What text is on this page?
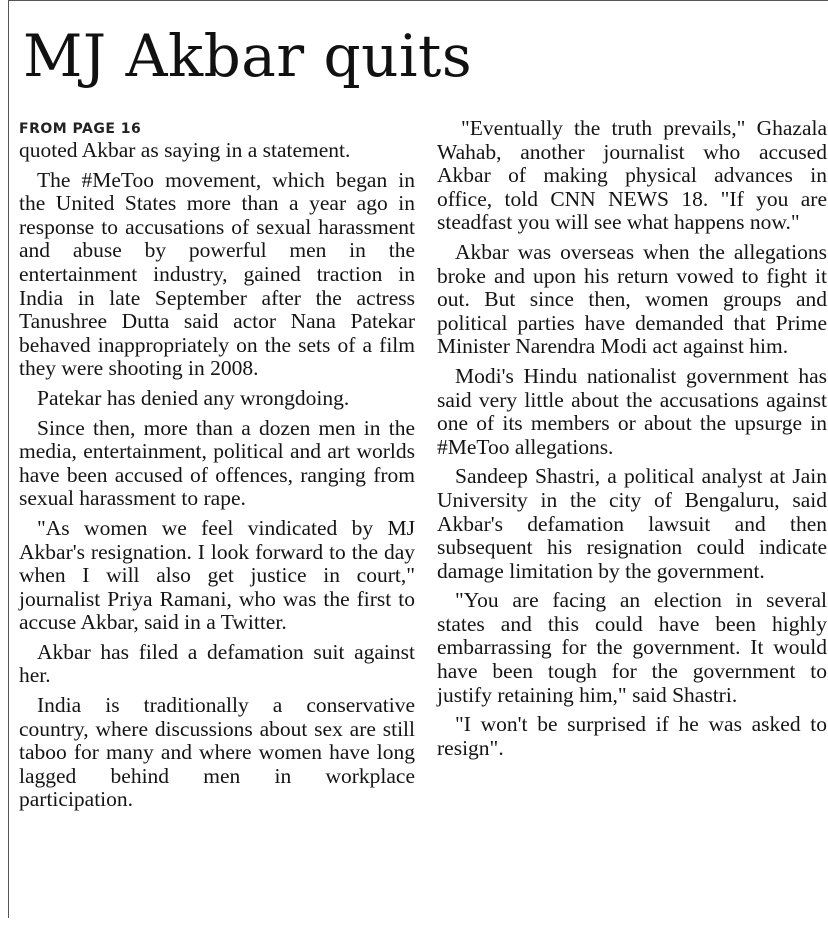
MJ Akbar quits
FROM PAGE 16

quoted Akbar as saying in a statement.

The #MeToo movement, which began in the United States more than a year ago in response to accusations of sexual harassment and abuse by powerful men in the entertainment industry, gained traction in India in late September after the actress Tanushree Dutta said actor Nana Patekar behaved inappropriately on the sets of a film they were shooting in 2008.

Patekar has denied any wrongdoing.

Since then, more than a dozen men in the media, entertainment, political and art worlds have been accused of offences, ranging from sexual harassment to rape.

"As women we feel vindicated by MJ Akbar's resignation. I look forward to the day when I will also get justice in court," journalist Priya Ramani, who was the first to accuse Akbar, said in a Twitter.

Akbar has filed a defamation suit against her.

India is traditionally a conservative country, where discussions about sex are still taboo for many and where women have long lagged behind men in workplace participation.

"Eventually the truth prevails," Ghazala Wahab, another journalist who accused Akbar of making physical advances in office, told CNN NEWS 18. "If you are steadfast you will see what happens now."

Akbar was overseas when the allegations broke and upon his return vowed to fight it out. But since then, women groups and political parties have demanded that Prime Minister Narendra Modi act against him.

Modi's Hindu nationalist government has said very little about the accusations against one of its members or about the upsurge in #MeToo allegations.

Sandeep Shastri, a political analyst at Jain University in the city of Bengaluru, said Akbar's defamation lawsuit and then subsequent his resignation could indicate damage limitation by the government.

"You are facing an election in several states and this could have been highly embarrassing for the government. It would have been tough for the government to justify retaining him," said Shastri.

"I won't be surprised if he was asked to resign".
